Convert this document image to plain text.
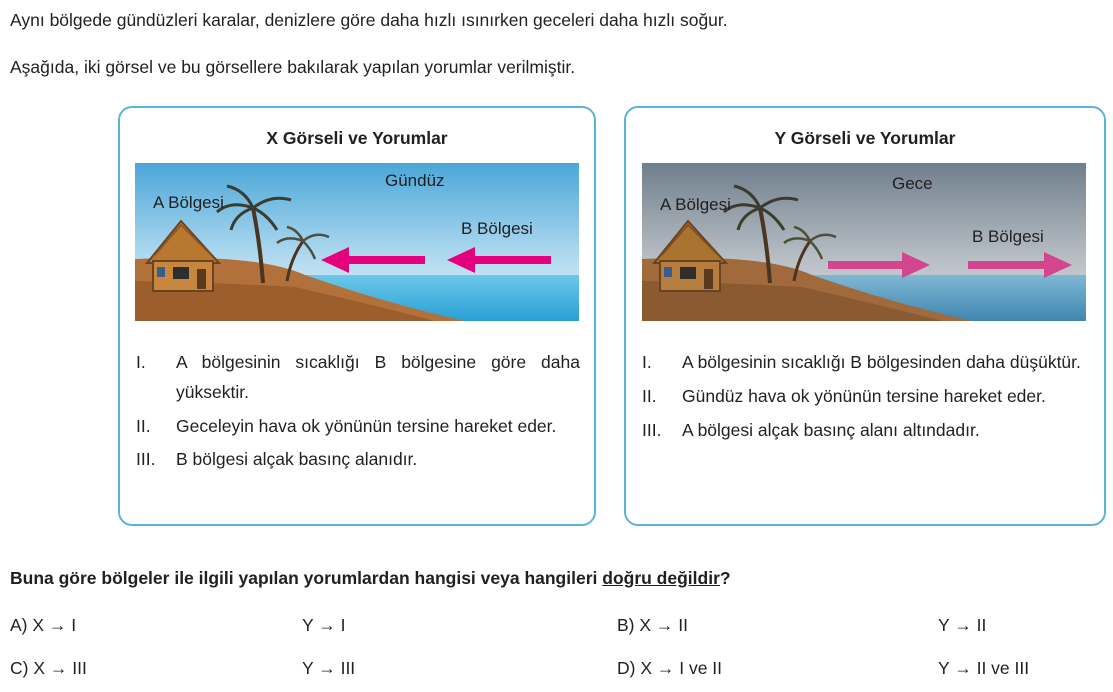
Aynı bölgede gündüzleri karalar, denizlere göre daha hızlı ısınırken geceleri daha hızlı soğur.
Aşağıda, iki görsel ve bu görsellere bakılarak yapılan yorumlar verilmiştir.
X Görseli ve Yorumlar
A Bölgesi
Gündüz
B Bölgesi
I. A bölgesinin sıcaklığı B bölgesine göre daha yüksektir.
II. Geceleyin hava ok yönünün tersine hareket eder.
III. B bölgesi alçak basınç alanıdır.
Y Görseli ve Yorumlar
A Bölgesi
Gece
B Bölgesi
I. A bölgesinin sıcaklığı B bölgesinden daha düşüktür.
II. Gündüz hava ok yönünün tersine hareket eder.
III. A bölgesi alçak basınç alanı altındadır.
Buna göre bölgeler ile ilgili yapılan yorumlardan hangisi veya hangileri doğru değildir?
A) X → I	Y → I	B) X → II	Y → II
C) X → III	Y → III	D) X → I ve II	Y → II ve III
